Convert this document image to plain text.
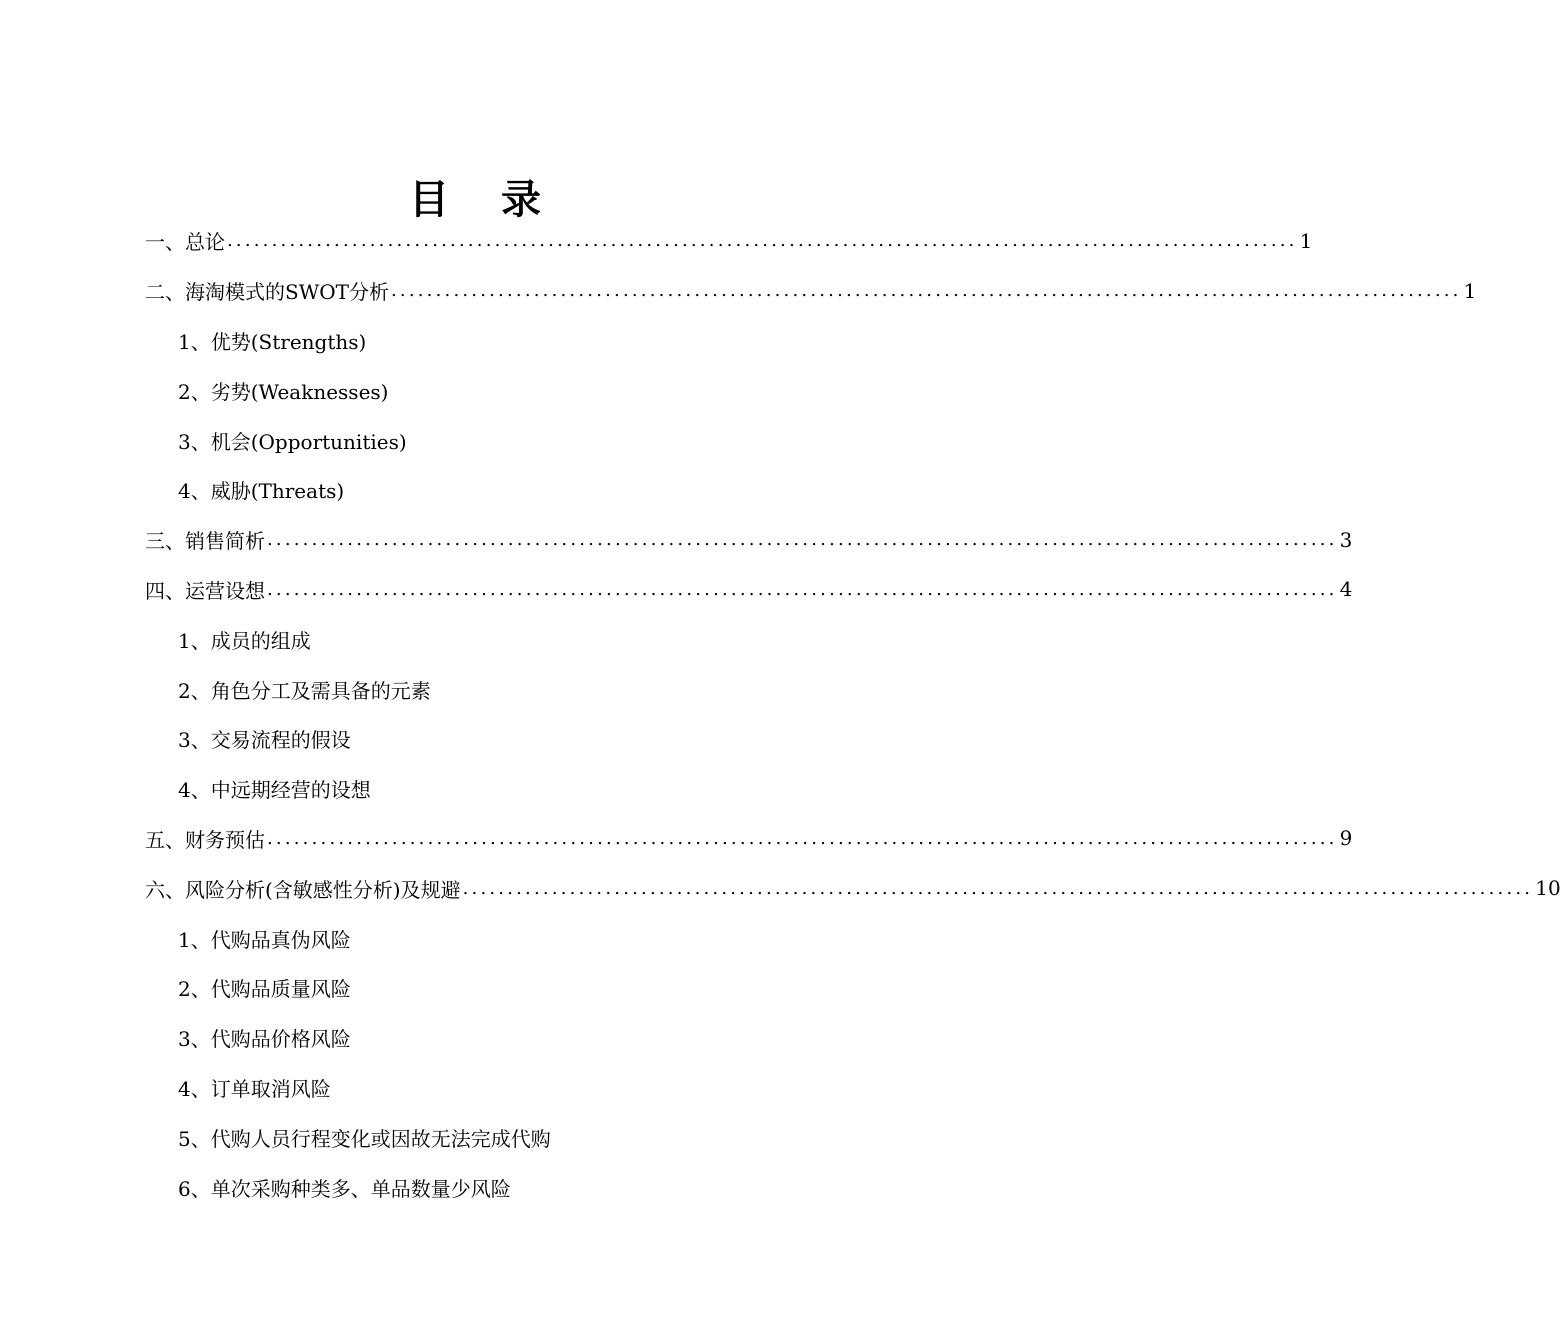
目 录
一、总论 ........................................................................................................................ 1
二、海淘模式的SWOT分析 ........................................................................................................................ 1
1、优势(Strengths)
2、劣势(Weaknesses)
3、机会(Opportunities)
4、威胁(Threats)
三、销售简析 ........................................................................................................................ 3
四、运营设想 ........................................................................................................................ 4
1、成员的组成
2、角色分工及需具备的元素
3、交易流程的假设
4、中远期经营的设想
五、财务预估 ........................................................................................................................ 9
六、风险分析(含敏感性分析)及规避 ........................................................................................................................ 10
1、代购品真伪风险
2、代购品质量风险
3、代购品价格风险
4、订单取消风险
5、代购人员行程变化或因故无法完成代购
6、单次采购种类多、单品数量少风险
